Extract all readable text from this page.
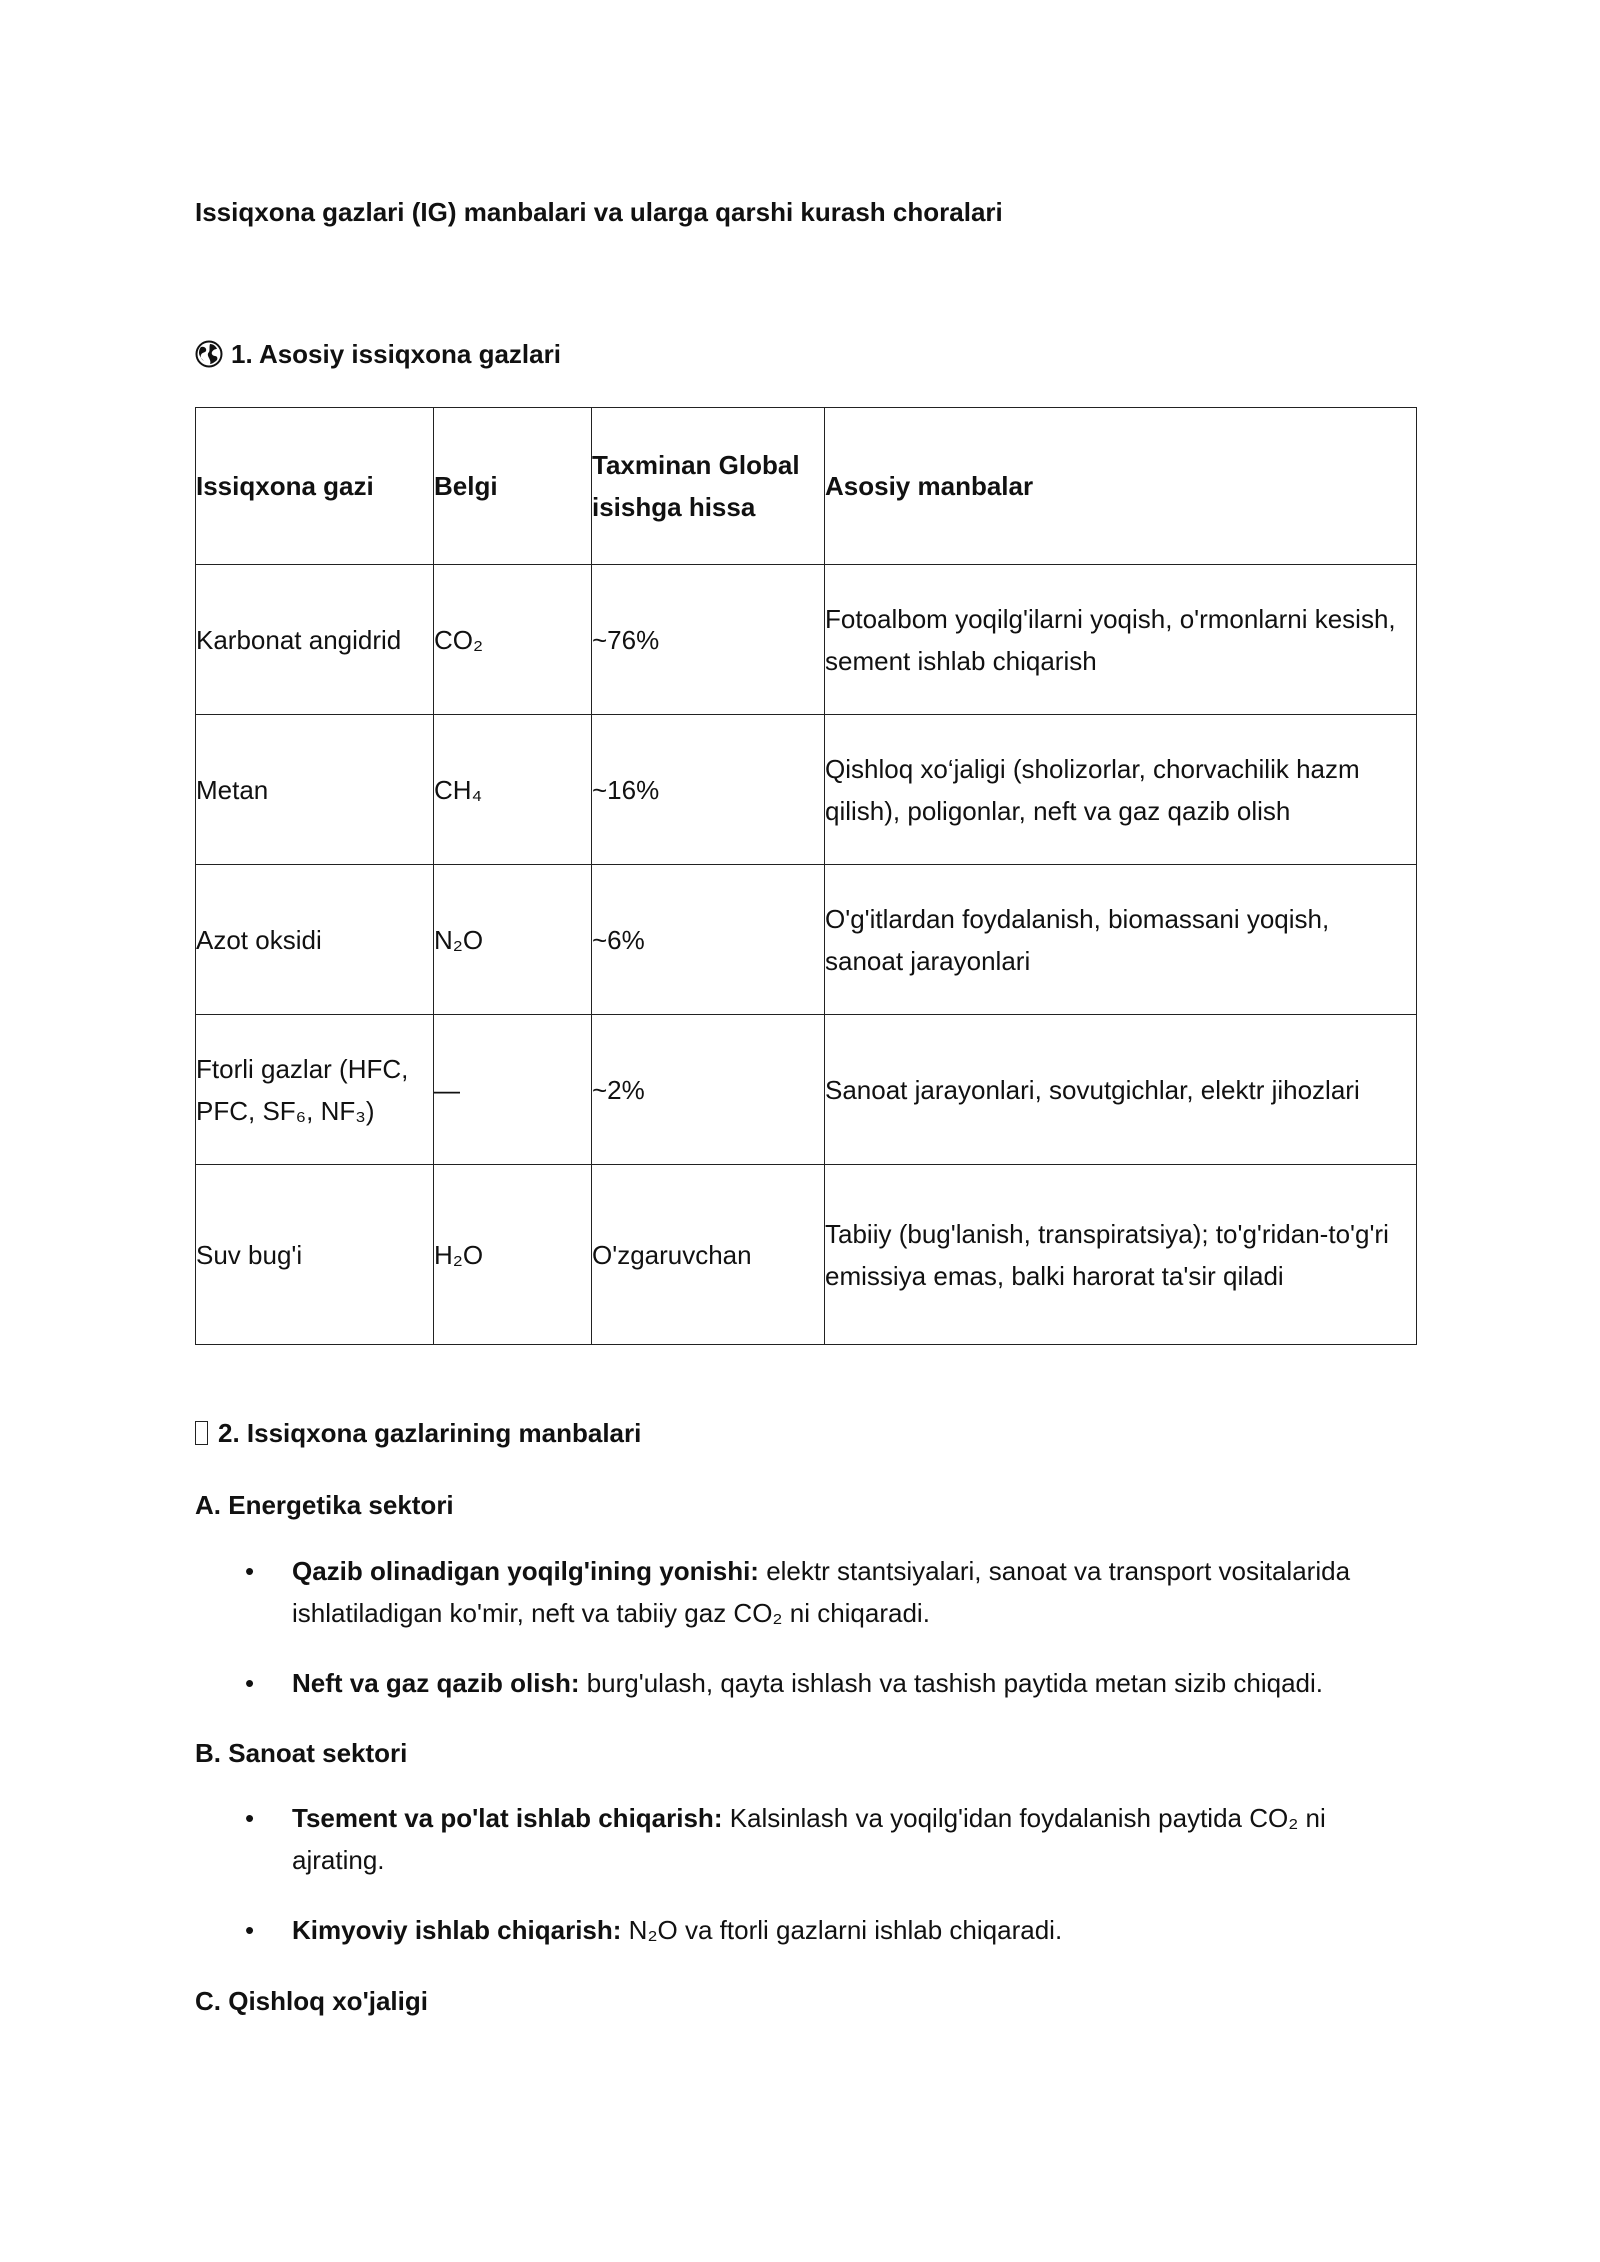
Issiqxona gazlari (IG) manbalari va ularga qarshi kurash choralari

1. Asosiy issiqxona gazlari

Issiqxona gazi	Belgi	Taxminan Global isishga hissa	Asosiy manbalar
Karbonat angidrid	CO₂	~76%	Fotoalbom yoqilg'ilarni yoqish, o'rmonlarni kesish, sement ishlab chiqarish
Metan	CH₄	~16%	Qishloq xo‘jaligi (sholizorlar, chorvachilik hazm qilish), poligonlar, neft va gaz qazib olish
Azot oksidi	N₂O	~6%	O'g'itlardan foydalanish, biomassani yoqish, sanoat jarayonlari
Ftorli gazlar (HFC, PFC, SF₆, NF₃)	—	~2%	Sanoat jarayonlari, sovutgichlar, elektr jihozlari
Suv bug'i	H₂O	O'zgaruvchan	Tabiiy (bug'lanish, transpiratsiya); to'g'ridan-to'g'ri emissiya emas, balki harorat ta'sir qiladi

2. Issiqxona gazlarining manbalari

A. Energetika sektori

• Qazib olinadigan yoqilg'ining yonishi: elektr stantsiyalari, sanoat va transport vositalarida ishlatiladigan ko'mir, neft va tabiiy gaz CO₂ ni chiqaradi.

• Neft va gaz qazib olish: burg'ulash, qayta ishlash va tashish paytida metan sizib chiqadi.

B. Sanoat sektori

• Tsement va po'lat ishlab chiqarish: Kalsinlash va yoqilg'idan foydalanish paytida CO₂ ni ajrating.

• Kimyoviy ishlab chiqarish: N₂O va ftorli gazlarni ishlab chiqaradi.

C. Qishloq xo'jaligi
